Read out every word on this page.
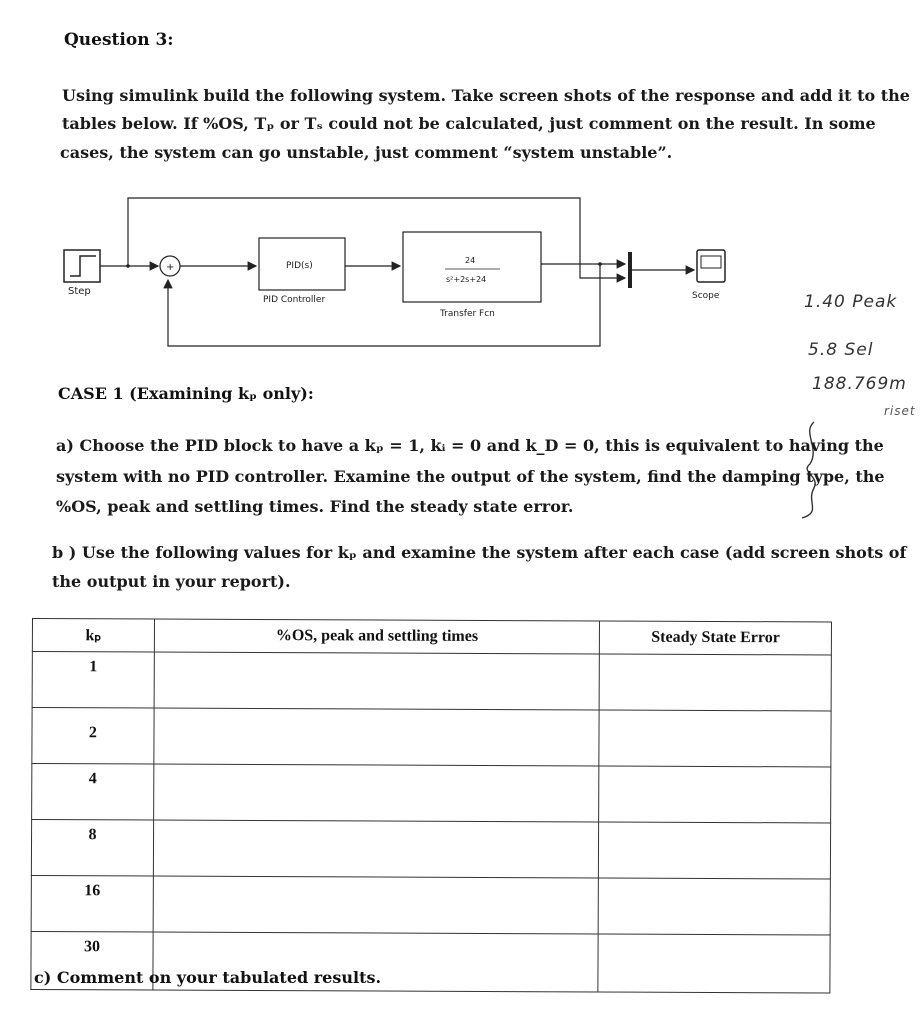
Question 3:
Using simulink build the following system. Take screen shots of the response and add it to the
tables below. If %OS, Tₚ or Tₛ could not be calculated, just comment on the result. In some
cases, the system can go unstable, just comment “system unstable”.
Step
+	PID(s)
PID Controller
24
s²+2s+24
Transfer Fcn
Scope	1.40 Peak
5.8 Sel
188.769m
riset
CASE 1 (Examining kₚ only):
a) Choose the PID block to have a kₚ = 1, kᵢ = 0 and k_D = 0, this is equivalent to having the
system with no PID controller. Examine the output of the system, find the damping type, the
%OS, peak and settling times. Find the steady state error.
b ) Use the following values for kₚ and examine the system after each case (add screen shots of
the output in your report).
kₚ	%OS, peak and settling times	Steady State Error
1		
2		
4		
8		
16		
30		
c) Comment on your tabulated results.
